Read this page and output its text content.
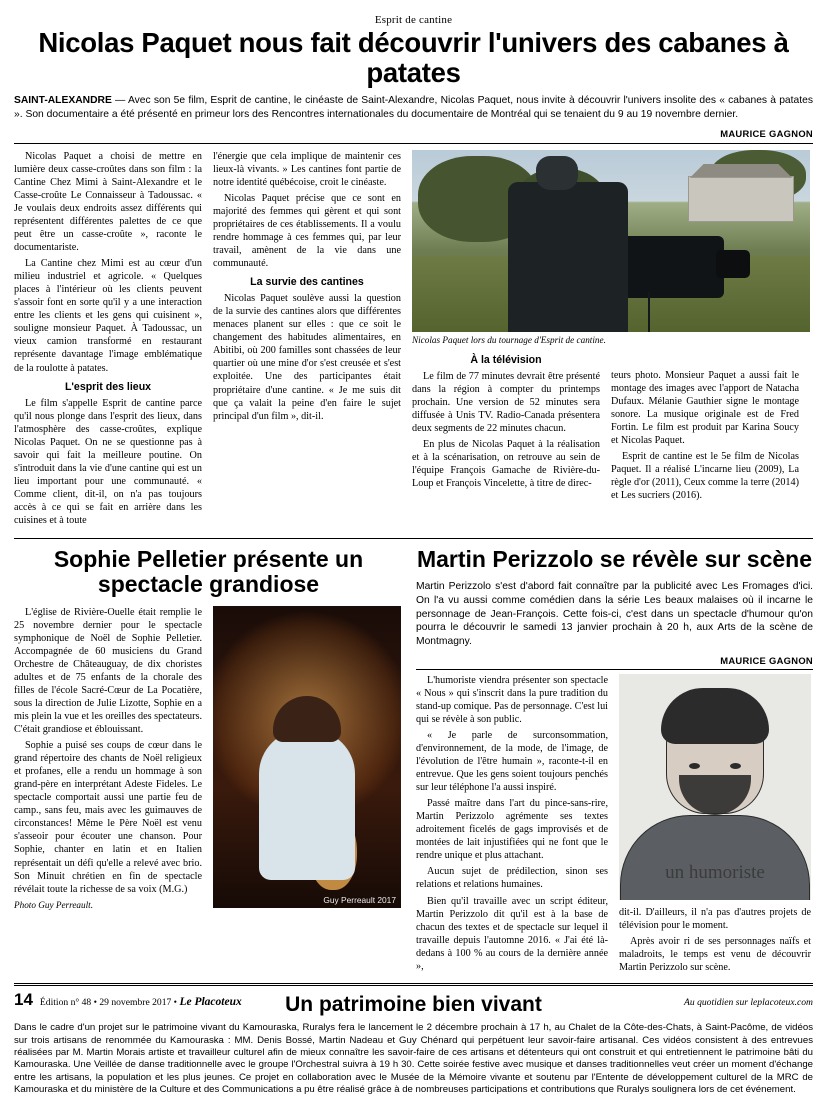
Esprit de cantine
Nicolas Paquet nous fait découvrir l'univers des cabanes à patates

SAINT-ALEXANDRE — Avec son 5e film, Esprit de cantine, le cinéaste de Saint-Alexandre, Nicolas Paquet, nous invite à découvrir l'univers insolite des « cabanes à patates ». Son documentaire a été présenté en primeur lors des Rencontres internationales du documentaire de Montréal qui se tenaient du 9 au 19 novembre dernier.

MAURICE GAGNON

Nicolas Paquet a choisi de mettre en lumière deux casse-croûtes dans son film : la Cantine Chez Mimi à Saint-Alexandre et le Casse-croûte Le Connaisseur à Tadoussac. « Je voulais deux endroits assez différents qui représentent différentes palettes de ce que peut être un casse-croûte », raconte le documentariste.

La Cantine chez Mimi est au cœur d'un milieu industriel et agricole. « Quelques places à l'intérieur où les clients peuvent s'assoir font en sorte qu'il y a une interaction entre les clients et les gens qui cuisinent », souligne monsieur Paquet. À Tadoussac, un vieux camion transformé en restaurant représente davantage l'image emblématique de la roulotte à patates.

L'esprit des lieux

Le film s'appelle Esprit de cantine parce qu'il nous plonge dans l'esprit des lieux, dans l'atmosphère des casse-croûtes, explique Nicolas Paquet. On ne se questionne pas à savoir qui fait la meilleure poutine. On s'introduit dans la vie d'une cantine qui est un lieu important pour une communauté. « Comme client, dit-il, on n'a pas toujours accès à ce qui se fait en arrière dans les cuisines et à toute

l'énergie que cela implique de maintenir ces lieux-là vivants. » Les cantines font partie de notre identité québécoise, croit le cinéaste.

Nicolas Paquet précise que ce sont en majorité des femmes qui gèrent et qui sont propriétaires de ces établissements. Il a voulu rendre hommage à ces femmes qui, par leur travail, amènent de la vie dans une communauté.

La survie des cantines

Nicolas Paquet soulève aussi la question de la survie des cantines alors que différentes menaces planent sur elles : que ce soit le changement des habitudes alimentaires, en Abitibi, où 200 familles sont chassées de leur quartier où une mine d'or s'est creusée et s'est exploitée. Une des participantes était propriétaire d'une cantine. « Je me suis dit que ça valait la peine d'en faire le sujet principal d'un film », dit-il.

Nicolas Paquet lors du tournage d'Esprit de cantine.
À la télévision

Le film de 77 minutes devrait être présenté dans la région à compter du printemps prochain. Une version de 52 minutes sera diffusée à Unis TV. Radio-Canada présentera deux segments de 22 minutes chacun.

En plus de Nicolas Paquet à la réalisation et à la scénarisation, on retrouve au sein de l'équipe François Gamache de Rivière-du-Loup et François Vincelette, à titre de direc-

teurs photo. Monsieur Paquet a aussi fait le montage des images avec l'apport de Natacha Dufaux. Mélanie Gauthier signe le montage sonore. La musique originale est de Fred Fortin. Le film est produit par Karina Soucy et Nicolas Paquet.

Esprit de cantine est le 5e film de Nicolas Paquet. Il a réalisé L'incarne lieu (2009), La règle d'or (2011), Ceux comme la terre (2014) et Les sucriers (2016).

Sophie Pelletier présente un spectacle grandiose

L'église de Rivière-Ouelle était remplie le 25 novembre dernier pour le spectacle symphonique de Noël de Sophie Pelletier. Accompagnée de 60 musiciens du Grand Orchestre de Châteauguay, de dix choristes adultes et de 75 enfants de la chorale des filles de l'école Sacré-Cœur de La Pocatière, sous la direction de Julie Lizotte, Sophie en a mis plein la vue et les oreilles des spectateurs. C'était grandiose et éblouissant.

Sophie a puisé ses coups de cœur dans le grand répertoire des chants de Noël religieux et profanes, elle a rendu un hommage à son grand-père en interprétant Adeste Fideles. Le spectacle comportait aussi une partie feu de camp., sans feu, mais avec les guimauves de circonstances! Même le Père Noël est venu s'asseoir pour écouter une chanson. Pour Sophie, chanter en latin et en Italien représentait un défi qu'elle a relevé avec brio. Son Minuit chrétien en fin de spectacle révélait toute la richesse de sa voix (M.G.)

Photo Guy Perreault.

Guy Perreault 2017
Martin Perizzolo se révèle sur scène

Martin Perizzolo s'est d'abord fait connaître par la publicité avec Les Fromages d'ici. On l'a vu aussi comme comédien dans la série Les beaux malaises où il incarne le personnage de Jean-François. Cette fois-ci, c'est dans un spectacle d'humour qu'on pourra le découvrir le samedi 13 janvier prochain à 20 h, aux Arts de la scène de Montmagny.

MAURICE GAGNON

L'humoriste viendra présenter son spectacle « Nous » qui s'inscrit dans la pure tradition du stand-up comique. Pas de personnage. C'est lui qui se révèle à son public.

« Je parle de surconsommation, d'environnement, de la mode, de l'image, de l'évolution de l'être humain », raconte-t-il en entrevue. Que les gens soient toujours penchés sur leur téléphone l'a aussi inspiré.

Passé maître dans l'art du pince-sans-rire, Martin Perizzolo agrémente ses textes adroitement ficelés de gags improvisés et de montées de lait injustifiées qui ne font que le rendre unique et plus attachant.

Aucun sujet de prédilection, sinon ses relations et relations humaines.

Bien qu'il travaille avec un script éditeur, Martin Perizzolo dit qu'il est à la base de chacun des textes et de spectacle sur lequel il travaille depuis l'automne 2016. « J'ai été là-dedans à 100 % au cours de la dernière année »,

un humoriste

dit-il. D'ailleurs, il n'a pas d'autres projets de télévision pour le moment.

Après avoir ri de ses personnages naïfs et maladroits, le temps est venu de découvrir Martin Perizzolo sur scène.

Un patrimoine bien vivant

Dans le cadre d'un projet sur le patrimoine vivant du Kamouraska, Ruralys fera le lancement le 2 décembre prochain à 17 h, au Chalet de la Côte-des-Chats, à Saint-Pacôme, de vidéos sur trois artisans de renommée du Kamouraska : MM. Denis Bossé, Martin Nadeau et Guy Chénard qui perpétuent leur savoir-faire artisanal. Ces vidéos consistent à des entrevues réalisées par M. Martin Morais artiste et travailleur culturel afin de mieux connaître les savoir-faire de ces artisans et détenteurs qui ont construit et qui entretiennent le patrimoine bâti du Kamouraska. Une Veillée de danse traditionnelle avec le groupe l'Orchestral suivra à 19 h 30. Cette soirée festive avec musique et danses traditionnelles veut créer un moment d'échange entre les artisans, la population et les plus jeunes. Ce projet en collaboration avec le Musée de la Mémoire vivante et soutenu par l'Entente de développement culturel de la MRC de Kamouraska et du ministère de la Culture et des Communications a pu être réalisé grâce à de nombreuses participations et contributions que Ruralys soulignera lors de cet événement.

14 Édition n° 48 • 29 novembre 2017 • Le Placoteux	Au quotidien sur leplacoteux.com
